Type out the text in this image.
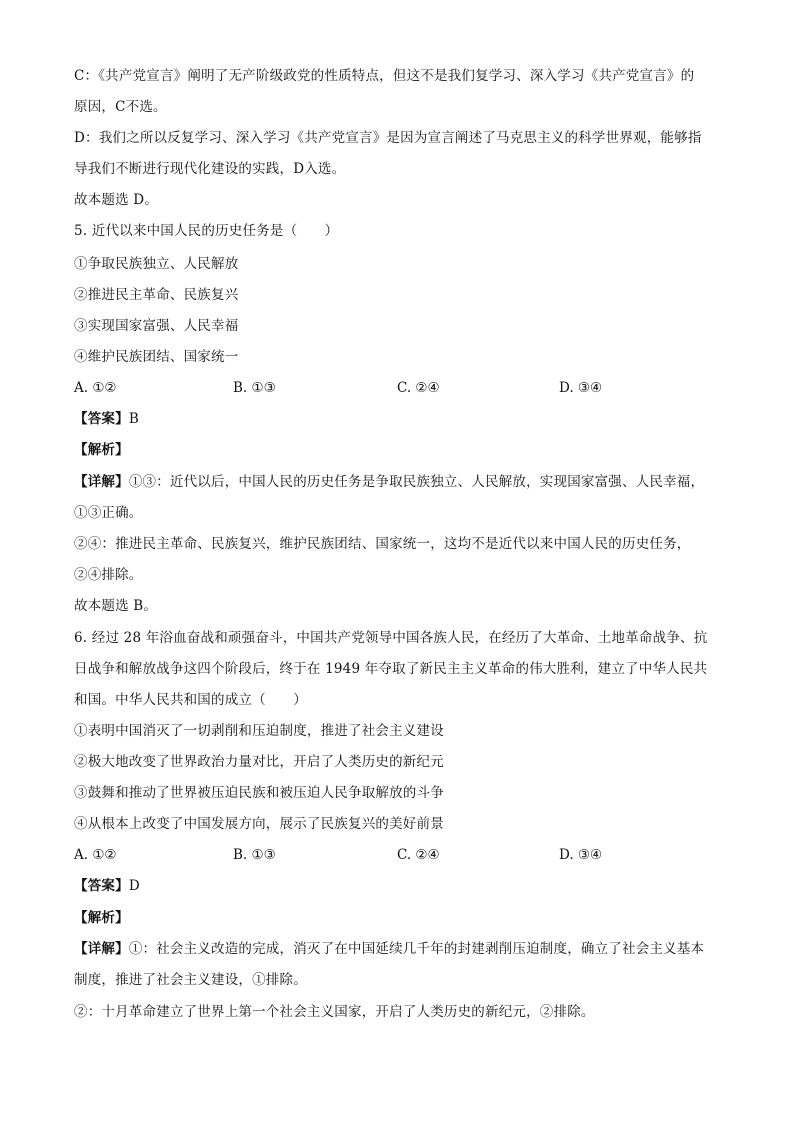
C：《共产党宣言》阐明了无产阶级政党的性质特点，但这不是我们复学习、深入学习《共产党宣言》的
原因，C不选。
D：我们之所以反复学习、深入学习《共产党宣言》是因为宣言阐述了马克思主义的科学世界观，能够指
导我们不断进行现代化建设的实践，D入选。
故本题选 D。
5. 近代以来中国人民的历史任务是（　　）
①争取民族独立、人民解放
②推进民主革命、民族复兴
③实现国家富强、人民幸福
④维护民族团结、国家统一
A. ①②	B. ①③	C. ②④	D. ③④
【答案】B
【解析】
【详解】①③：近代以后，中国人民的历史任务是争取民族独立、人民解放，实现国家富强、人民幸福，
①③正确。
②④：推进民主革命、民族复兴，维护民族团结、国家统一，这均不是近代以来中国人民的历史任务，
②④排除。
故本题选 B。
6. 经过 28 年浴血奋战和顽强奋斗，中国共产党领导中国各族人民，在经历了大革命、土地革命战争、抗
日战争和解放战争这四个阶段后，终于在 1949 年夺取了新民主主义革命的伟大胜利，建立了中华人民共
和国。中华人民共和国的成立（　　）
①表明中国消灭了一切剥削和压迫制度，推进了社会主义建设
②极大地改变了世界政治力量对比，开启了人类历史的新纪元
③鼓舞和推动了世界被压迫民族和被压迫人民争取解放的斗争
④从根本上改变了中国发展方向，展示了民族复兴的美好前景
A. ①②	B. ①③	C. ②④	D. ③④
【答案】D
【解析】
【详解】①：社会主义改造的完成，消灭了在中国延续几千年的封建剥削压迫制度，确立了社会主义基本
制度，推进了社会主义建设，①排除。
②：十月革命建立了世界上第一个社会主义国家，开启了人类历史的新纪元，②排除。
